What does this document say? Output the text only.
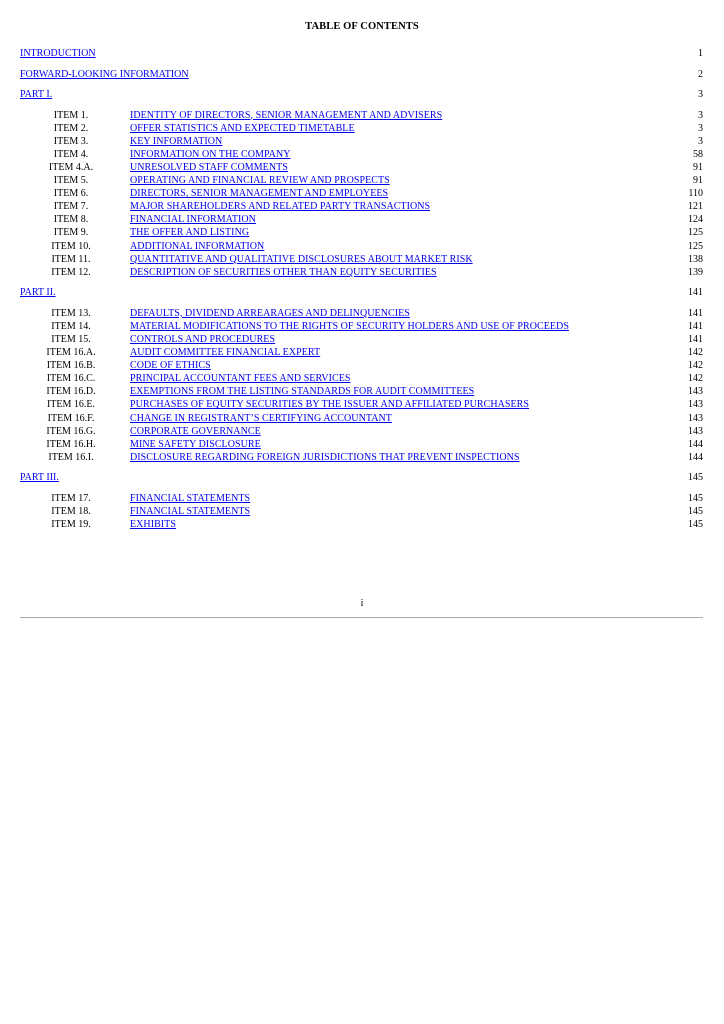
TABLE OF CONTENTS
INTRODUCTION	1
FORWARD-LOOKING INFORMATION	2
PART I.	3
ITEM 1.	IDENTITY OF DIRECTORS, SENIOR MANAGEMENT AND ADVISERS	3
ITEM 2.	OFFER STATISTICS AND EXPECTED TIMETABLE	3
ITEM 3.	KEY INFORMATION	3
ITEM 4.	INFORMATION ON THE COMPANY	58
ITEM 4.A.	UNRESOLVED STAFF COMMENTS	91
ITEM 5.	OPERATING AND FINANCIAL REVIEW AND PROSPECTS	91
ITEM 6.	DIRECTORS, SENIOR MANAGEMENT AND EMPLOYEES	110
ITEM 7.	MAJOR SHAREHOLDERS AND RELATED PARTY TRANSACTIONS	121
ITEM 8.	FINANCIAL INFORMATION	124
ITEM 9.	THE OFFER AND LISTING	125
ITEM 10.	ADDITIONAL INFORMATION	125
ITEM 11.	QUANTITATIVE AND QUALITATIVE DISCLOSURES ABOUT MARKET RISK	138
ITEM 12.	DESCRIPTION OF SECURITIES OTHER THAN EQUITY SECURITIES	139
PART II.	141
ITEM 13.	DEFAULTS, DIVIDEND ARREARAGES AND DELINQUENCIES	141
ITEM 14.	MATERIAL MODIFICATIONS TO THE RIGHTS OF SECURITY HOLDERS AND USE OF PROCEEDS	141
ITEM 15.	CONTROLS AND PROCEDURES	141
ITEM 16.A.	AUDIT COMMITTEE FINANCIAL EXPERT	142
ITEM 16.B.	CODE OF ETHICS	142
ITEM 16.C.	PRINCIPAL ACCOUNTANT FEES AND SERVICES	142
ITEM 16.D.	EXEMPTIONS FROM THE LISTING STANDARDS FOR AUDIT COMMITTEES	143
ITEM 16.E.	PURCHASES OF EQUITY SECURITIES BY THE ISSUER AND AFFILIATED PURCHASERS	143
ITEM 16.F.	CHANGE IN REGISTRANT’S CERTIFYING ACCOUNTANT	143
ITEM 16.G.	CORPORATE GOVERNANCE	143
ITEM 16.H.	MINE SAFETY DISCLOSURE	144
ITEM 16.I.	DISCLOSURE REGARDING FOREIGN JURISDICTIONS THAT PREVENT INSPECTIONS	144
PART III.	145
ITEM 17.	FINANCIAL STATEMENTS	145
ITEM 18.	FINANCIAL STATEMENTS	145
ITEM 19.	EXHIBITS	145
i
